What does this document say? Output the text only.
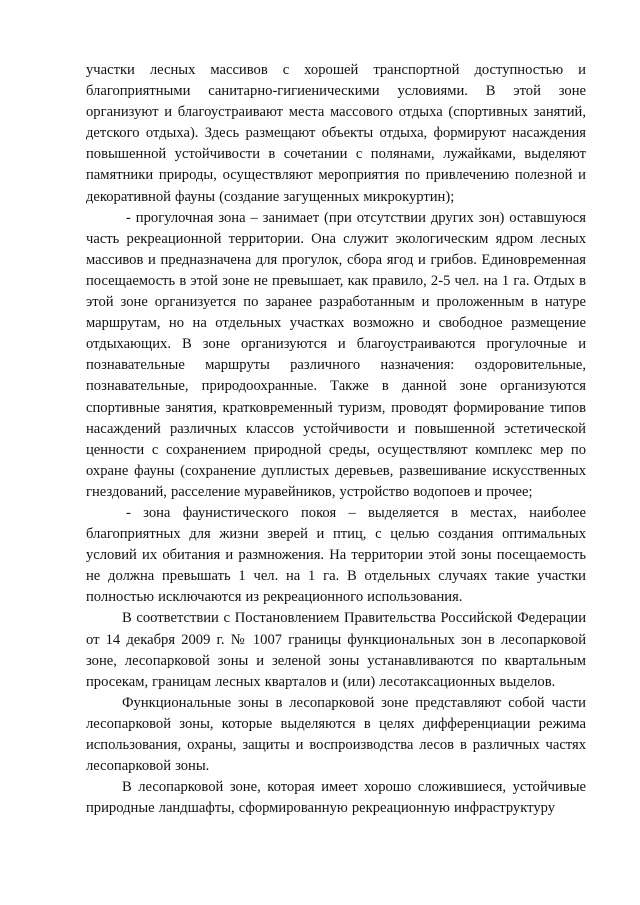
участки лесных массивов с хорошей транспортной доступностью и благоприятными санитарно-гигиеническими условиями. В этой зоне организуют и благоустраивают места массового отдыха (спортивных занятий, детского отдыха). Здесь размещают объекты отдыха, формируют насаждения повышенной устойчивости в сочетании с полянами, лужайками, выделяют памятники природы, осуществляют мероприятия по привлечению полезной и декоративной фауны (создание загущенных микрокуртин);

- прогулочная зона – занимает (при отсутствии других зон) оставшуюся часть рекреационной территории. Она служит экологическим ядром лесных массивов и предназначена для прогулок, сбора ягод и грибов. Единовременная посещаемость в этой зоне не превышает, как правило, 2-5 чел. на 1 га. Отдых в этой зоне организуется по заранее разработанным и проложенным в натуре маршрутам, но на отдельных участках возможно и свободное размещение отдыхающих. В зоне организуются и благоустраиваются прогулочные и познавательные маршруты различного назначения: оздоровительные, познавательные, природоохранные. Также в данной зоне организуются спортивные занятия, кратковременный туризм, проводят формирование типов насаждений различных классов устойчивости и повышенной эстетической ценности с сохранением природной среды, осуществляют комплекс мер по охране фауны (сохранение дуплистых деревьев, развешивание искусственных гнездований, расселение муравейников, устройство водопоев и прочее;

- зона фаунистического покоя – выделяется в местах, наиболее благоприятных для жизни зверей и птиц, с целью создания оптимальных условий их обитания и размножения. На территории этой зоны посещаемость не должна превышать 1 чел. на 1 га. В отдельных случаях такие участки полностью исключаются из рекреационного использования.

В соответствии с Постановлением Правительства Российской Федерации от 14 декабря 2009 г. № 1007 границы функциональных зон в лесопарковой зоне, лесопарковой зоны и зеленой зоны устанавливаются по квартальным просекам, границам лесных кварталов и (или) лесотаксационных выделов.

Функциональные зоны в лесопарковой зоне представляют собой части лесопарковой зоны, которые выделяются в целях дифференциации режима использования, охраны, защиты и воспроизводства лесов в различных частях лесопарковой зоны.

В лесопарковой зоне, которая имеет хорошо сложившиеся, устойчивые природные ландшафты, сформированную рекреационную инфраструктуру
